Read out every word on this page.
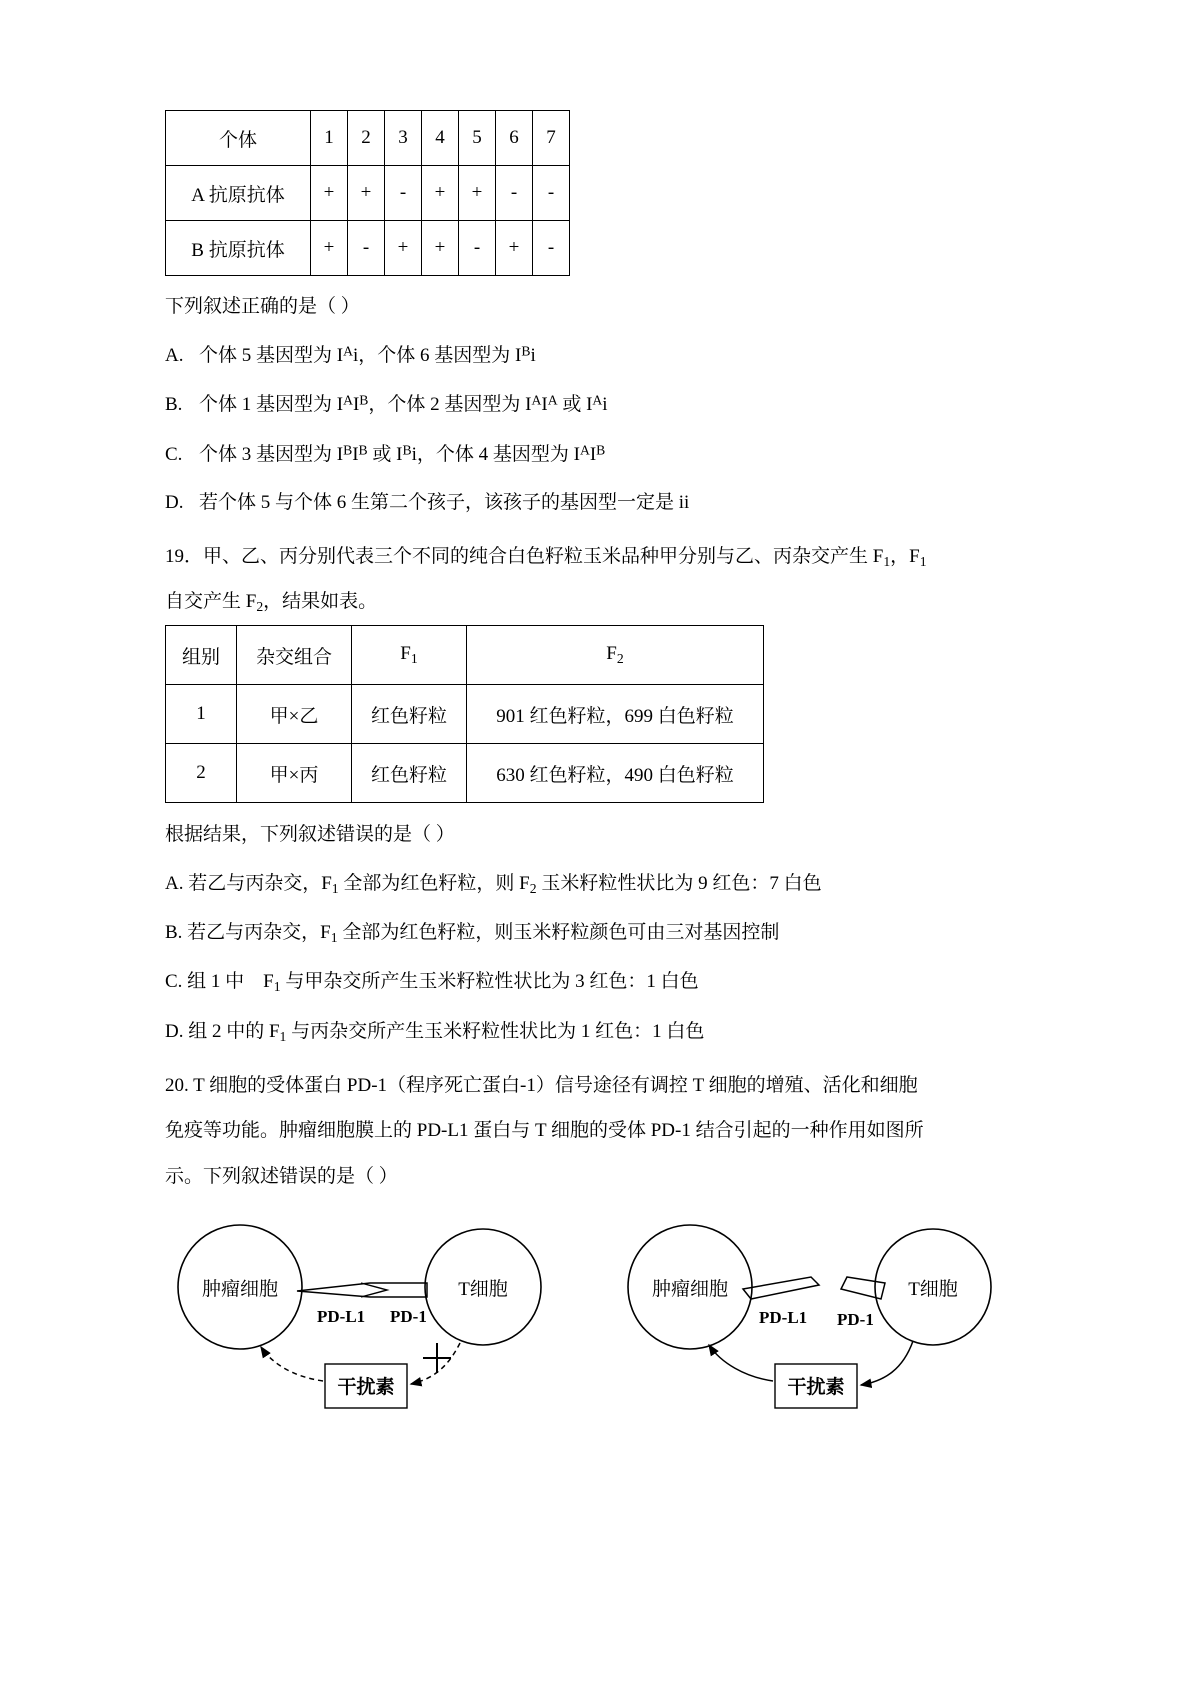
个体	1	2	3	4	5	6	7
A 抗原抗体	+	+	-	+	+	-	-
B 抗原抗体	+	-	+	+	-	+	-
下列叙述正确的是（ ）
A. 个体 5 基因型为 $I^Ai$，个体 6 基因型为 $I^Bi$
B. 个体 1 基因型为 $I^AI^B$，个体 2 基因型为 $I^AI^A$ 或 $I^Ai$
C. 个体 3 基因型为 $I^BI^B$ 或 $I^Bi$，个体 4 基因型为 $I^AI^B$
D. 若个体 5 与个体 6 生第二个孩子，该孩子的基因型一定是 ii
19．甲、乙、丙分别代表三个不同的纯合白色籽粒玉米品种甲分别与乙、丙杂交产生 $F_1$，$F_1$
自交产生 $F_2$，结果如表。
组别	杂交组合	$F_1$	$F_2$
1	甲×乙	红色籽粒	901 红色籽粒，699 白色籽粒
2	甲×丙	红色籽粒	630 红色籽粒，490 白色籽粒
根据结果，下列叙述错误的是（ ）
A. 若乙与丙杂交，$F_1$ 全部为红色籽粒，则 $F_2$ 玉米籽粒性状比为 9 红色：7 白色
B. 若乙与丙杂交，$F_1$ 全部为红色籽粒，则玉米籽粒颜色可由三对基因控制
C. 组 1 中    $F_1$ 与甲杂交所产生玉米籽粒性状比为 3 红色：1 白色
D. 组 2 中的 $F_1$ 与丙杂交所产生玉米籽粒性状比为 1 红色：1 白色
20. T 细胞的受体蛋白 PD-1（程序死亡蛋白-1）信号途径有调控 T 细胞的增殖、活化和细胞
免疫等功能。肿瘤细胞膜上的 PD-L1 蛋白与 T 细胞的受体 PD-1 结合引起的一种作用如图所
示。下列叙述错误的是（ ）
肿瘤细胞	T细胞
PD-L1 PD-1
干扰素
肿瘤细胞	T细胞
PD-L1 PD-1
干扰素
